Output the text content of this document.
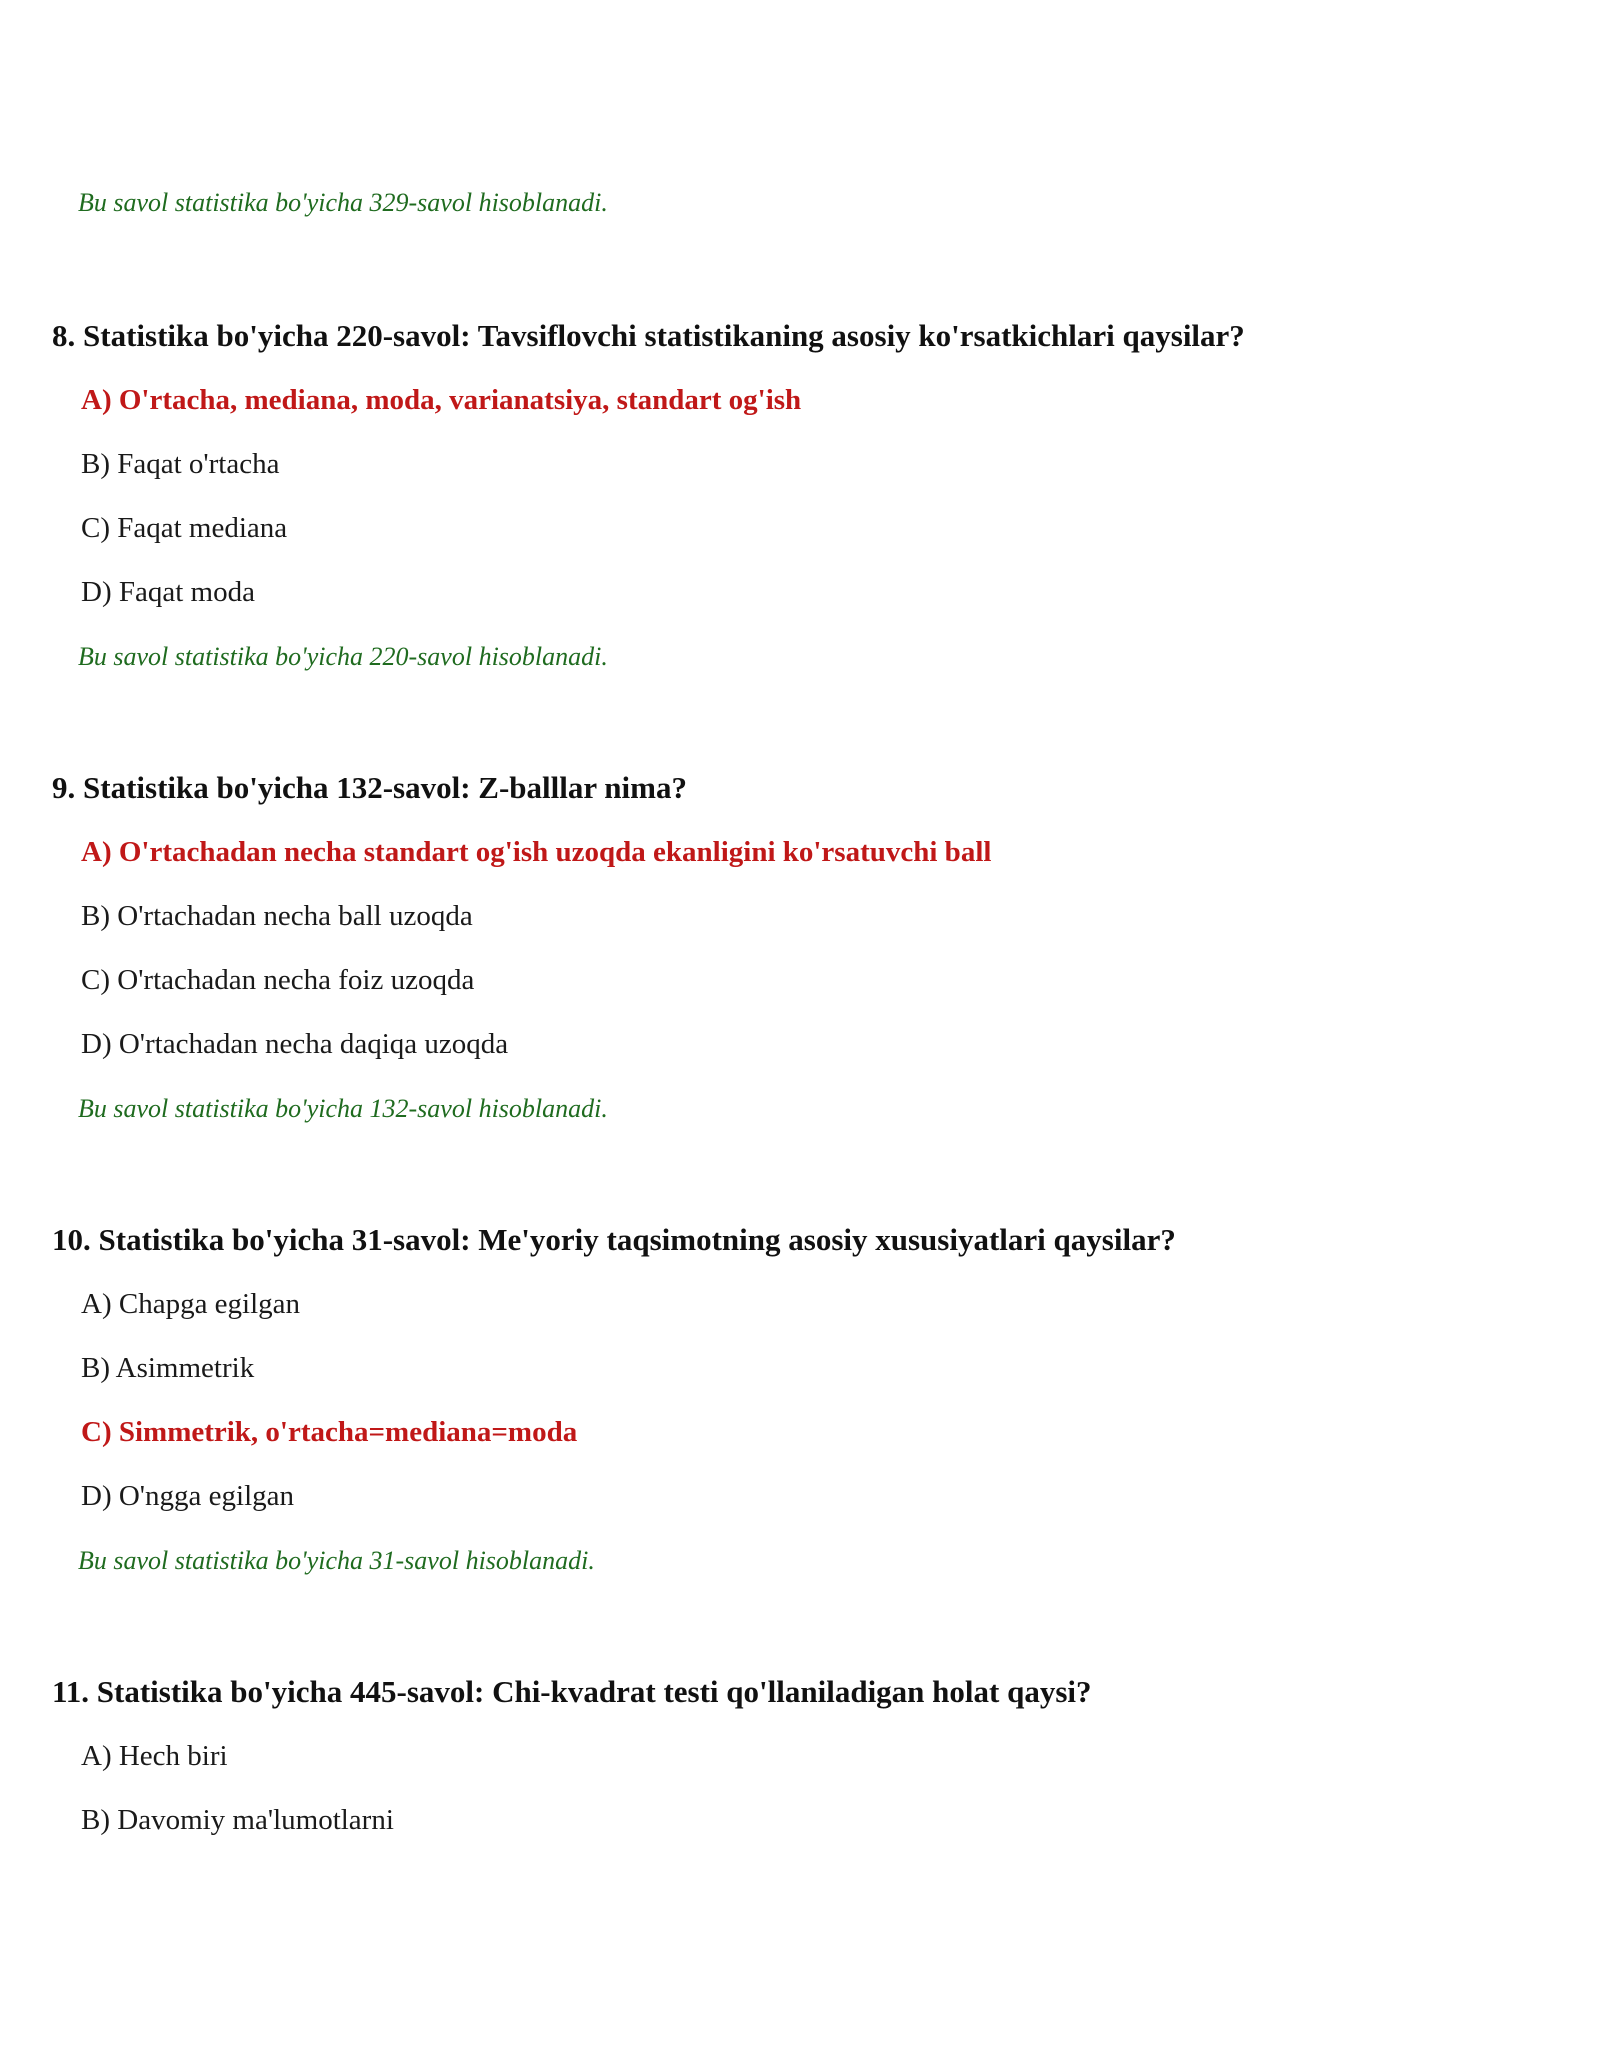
Bu savol statistika bo'yicha 329-savol hisoblanadi.
8. Statistika bo'yicha 220-savol: Tavsiflovchi statistikaning asosiy ko'rsatkichlari qaysilar?
A) O'rtacha, mediana, moda, varianatsiya, standart og'ish
B) Faqat o'rtacha
C) Faqat mediana
D) Faqat moda
Bu savol statistika bo'yicha 220-savol hisoblanadi.
9. Statistika bo'yicha 132-savol: Z-balllar nima?
A) O'rtachadan necha standart og'ish uzoqda ekanligini ko'rsatuvchi ball
B) O'rtachadan necha ball uzoqda
C) O'rtachadan necha foiz uzoqda
D) O'rtachadan necha daqiqa uzoqda
Bu savol statistika bo'yicha 132-savol hisoblanadi.
10. Statistika bo'yicha 31-savol: Me'yoriy taqsimotning asosiy xususiyatlari qaysilar?
A) Chapga egilgan
B) Asimmetrik
C) Simmetrik, o'rtacha=mediana=moda
D) O'ngga egilgan
Bu savol statistika bo'yicha 31-savol hisoblanadi.
11. Statistika bo'yicha 445-savol: Chi-kvadrat testi qo'llaniladigan holat qaysi?
A) Hech biri
B) Davomiy ma'lumotlarni
